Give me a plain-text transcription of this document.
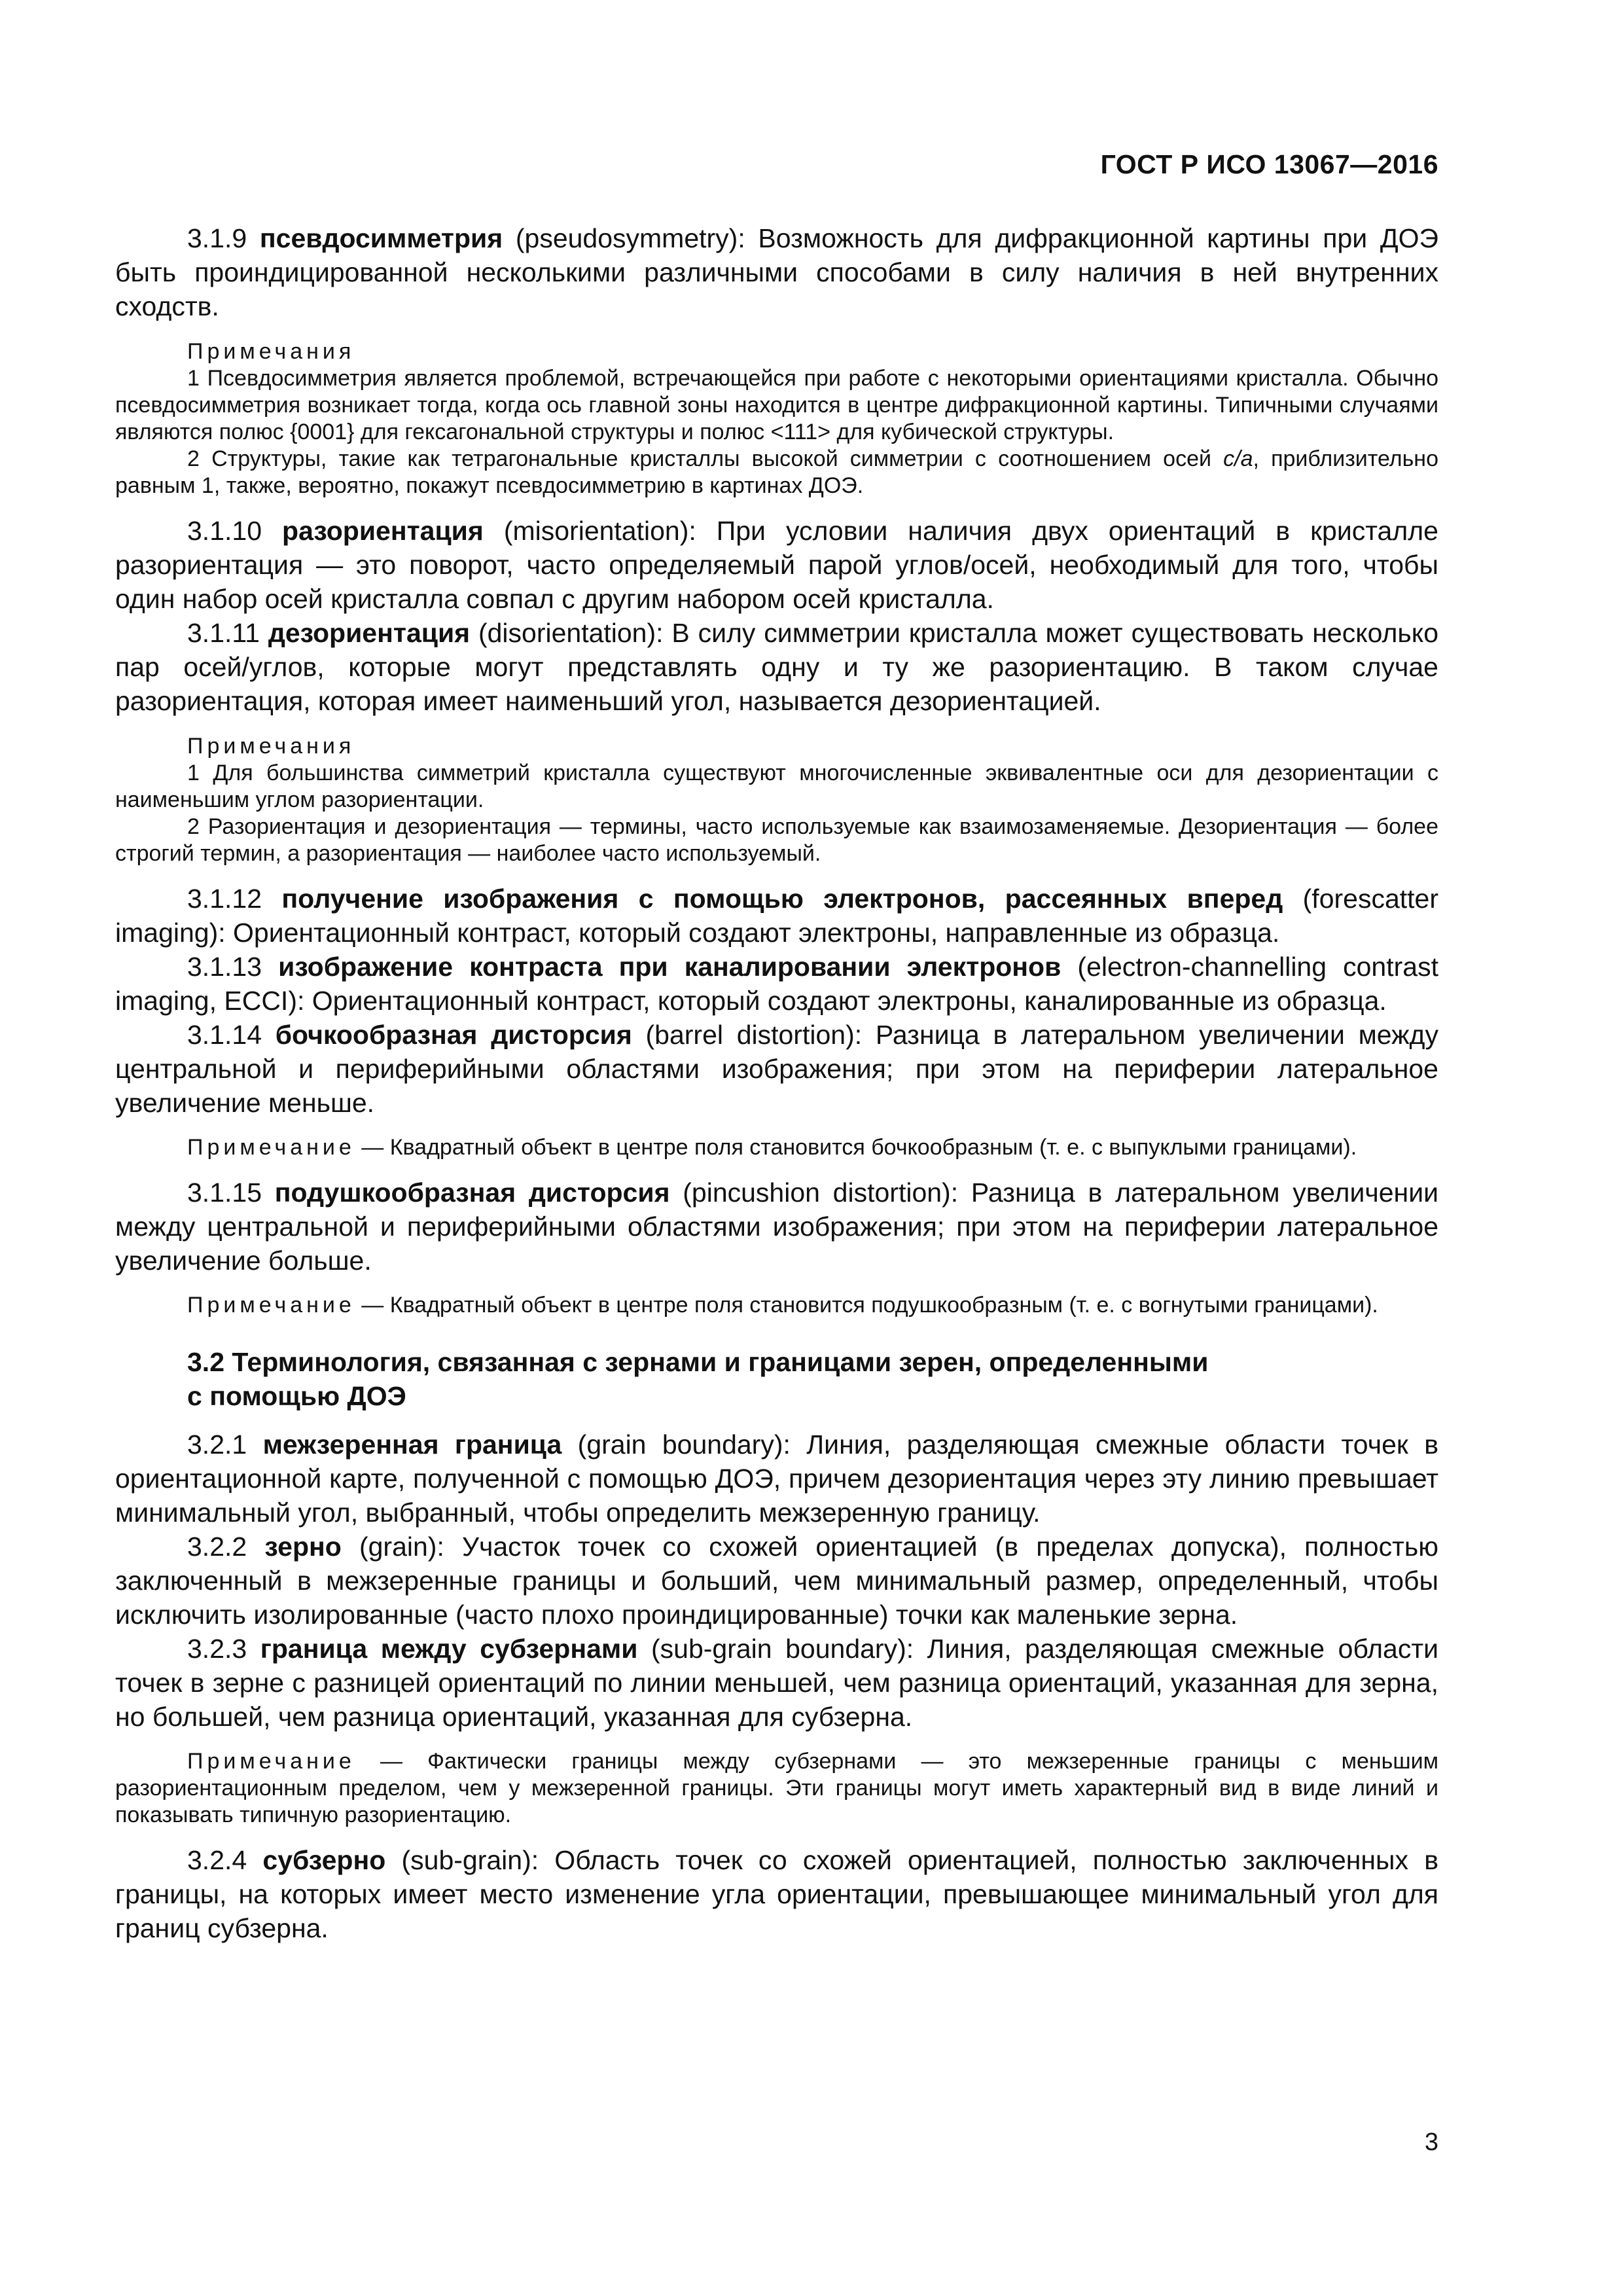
ГОСТ Р ИСО 13067—2016

3.1.9 псевдосимметрия (pseudosymmetry): Возможность для дифракционной картины при ДОЭ быть проиндицированной несколькими различными способами в силу наличия в ней внутренних сходств.

Примечания

1 Псевдосимметрия является проблемой, встречающейся при работе с некоторыми ориентациями кристалла. Обычно псевдосимметрия возникает тогда, когда ось главной зоны находится в центре дифракционной картины. Типичными случаями являются полюс {0001} для гексагональной структуры и полюс <111> для кубической структуры.

2 Структуры, такие как тетрагональные кристаллы высокой симметрии с соотношением осей c/a, приблизительно равным 1, также, вероятно, покажут псевдосимметрию в картинах ДОЭ.

3.1.10 разориентация (misorientation): При условии наличия двух ориентаций в кристалле разориентация — это поворот, часто определяемый парой углов/осей, необходимый для того, чтобы один набор осей кристалла совпал с другим набором осей кристалла.

3.1.11 дезориентация (disorientation): В силу симметрии кристалла может существовать несколько пар осей/углов, которые могут представлять одну и ту же разориентацию. В таком случае разориентация, которая имеет наименьший угол, называется дезориентацией.

Примечания

1 Для большинства симметрий кристалла существуют многочисленные эквивалентные оси для дезориентации с наименьшим углом разориентации.

2 Разориентация и дезориентация — термины, часто используемые как взаимозаменяемые. Дезориентация — более строгий термин, а разориентация — наиболее часто используемый.

3.1.12 получение изображения с помощью электронов, рассеянных вперед (forescatter imaging): Ориентационный контраст, который создают электроны, направленные из образца.

3.1.13 изображение контраста при каналировании электронов (electron-channelling contrast imaging, ECCI): Ориентационный контраст, который создают электроны, каналированные из образца.

3.1.14 бочкообразная дисторсия (barrel distortion): Разница в латеральном увеличении между центральной и периферийными областями изображения; при этом на периферии латеральное увеличение меньше.

Примечание — Квадратный объект в центре поля становится бочкообразным (т. е. с выпуклыми границами).

3.1.15 подушкообразная дисторсия (pincushion distortion): Разница в латеральном увеличении между центральной и периферийными областями изображения; при этом на периферии латеральное увеличение больше.

Примечание — Квадратный объект в центре поля становится подушкообразным (т. е. с вогнутыми границами).

3.2 Терминология, связанная с зернами и границами зерен, определенными
с помощью ДОЭ

3.2.1 межзеренная граница (grain boundary): Линия, разделяющая смежные области точек в ориентационной карте, полученной с помощью ДОЭ, причем дезориентация через эту линию превышает минимальный угол, выбранный, чтобы определить межзеренную границу.

3.2.2 зерно (grain): Участок точек со схожей ориентацией (в пределах допуска), полностью заключенный в межзеренные границы и больший, чем минимальный размер, определенный, чтобы исключить изолированные (часто плохо проиндицированные) точки как маленькие зерна.

3.2.3 граница между субзернами (sub-grain boundary): Линия, разделяющая смежные области точек в зерне с разницей ориентаций по линии меньшей, чем разница ориентаций, указанная для зерна, но большей, чем разница ориентаций, указанная для субзерна.

Примечание — Фактически границы между субзернами — это межзеренные границы с меньшим разориентационным пределом, чем у межзеренной границы. Эти границы могут иметь характерный вид в виде линий и показывать типичную разориентацию.

3.2.4 субзерно (sub-grain): Область точек со схожей ориентацией, полностью заключенных в границы, на которых имеет место изменение угла ориентации, превышающее минимальный угол для границ субзерна.

3
